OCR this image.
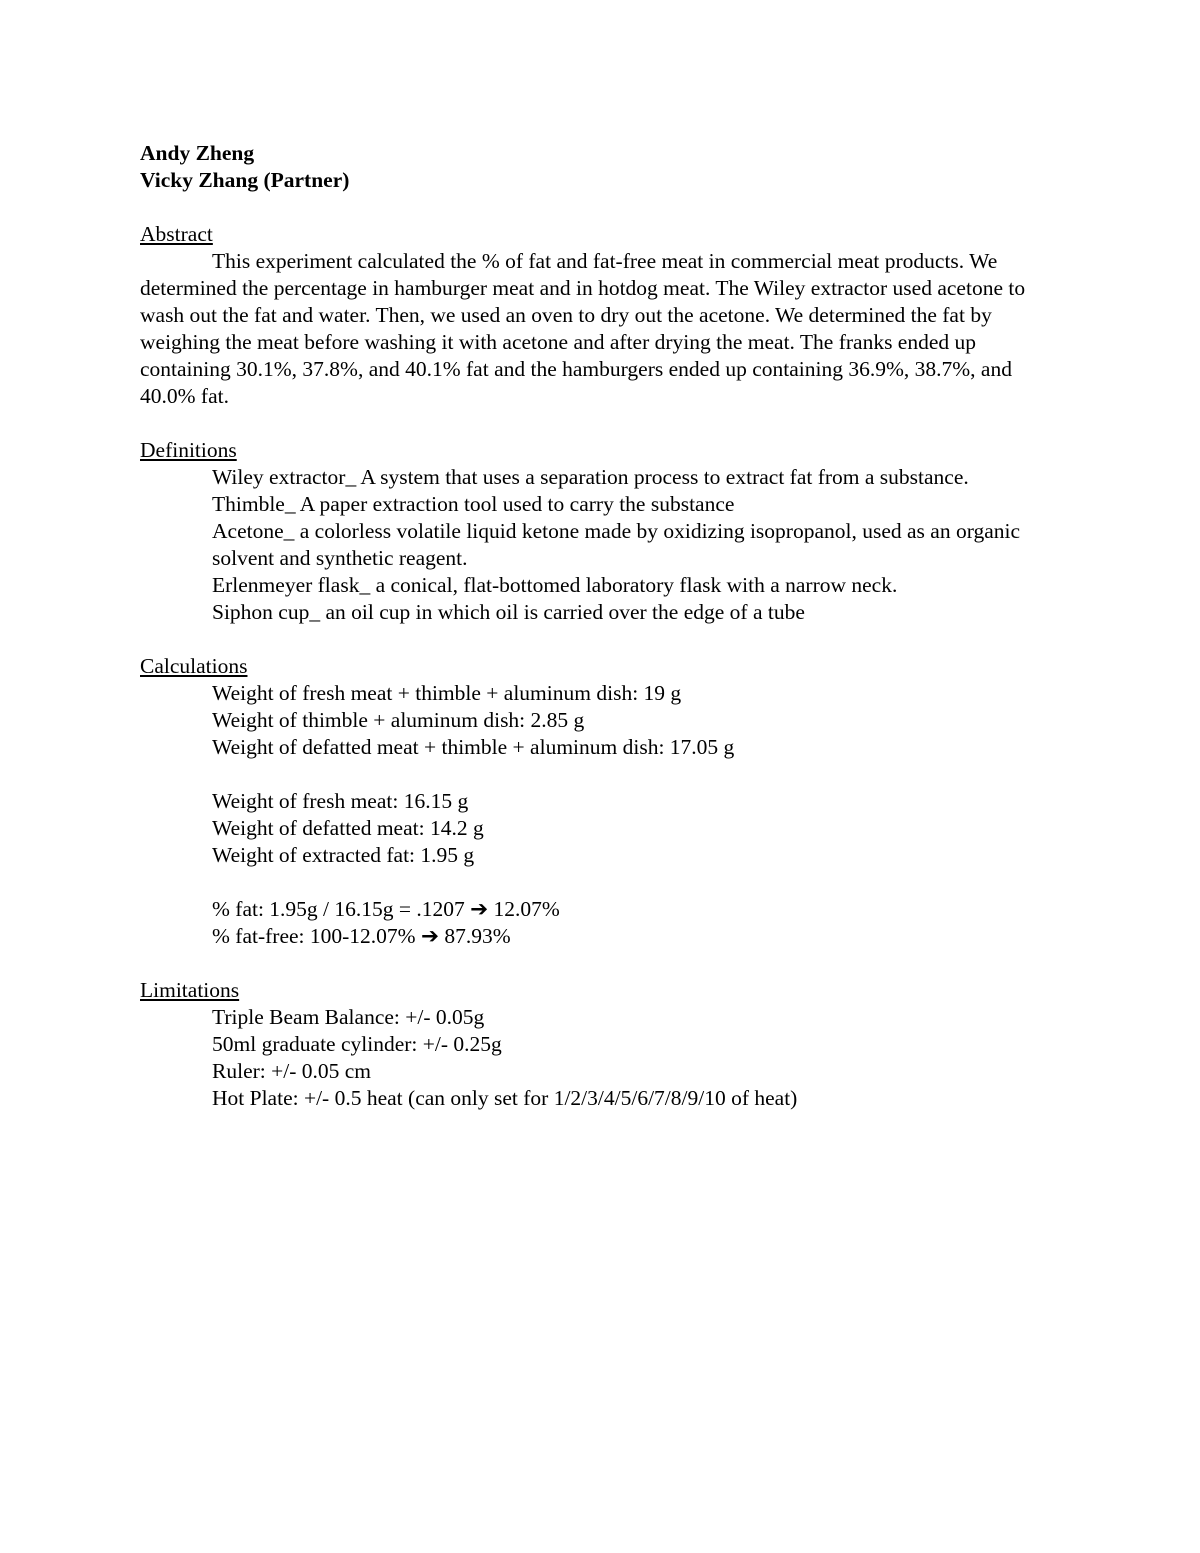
Andy Zheng
Vicky Zhang (Partner)
Abstract
This experiment calculated the % of fat and fat-free meat in commercial meat products. We determined the percentage in hamburger meat and in hotdog meat. The Wiley extractor used acetone to wash out the fat and water. Then, we used an oven to dry out the acetone. We determined the fat by weighing the meat before washing it with acetone and after drying the meat. The franks ended up containing 30.1%, 37.8%, and 40.1% fat and the hamburgers ended up containing 36.9%, 38.7%, and 40.0% fat.
Definitions
Wiley extractor_ A system that uses a separation process to extract fat from a substance.
Thimble_ A paper extraction tool used to carry the substance
Acetone_ a colorless volatile liquid ketone made by oxidizing isopropanol, used as an organic solvent and synthetic reagent.
Erlenmeyer flask_ a conical, flat-bottomed laboratory flask with a narrow neck.
Siphon cup_ an oil cup in which oil is carried over the edge of a tube
Calculations
Weight of fresh meat + thimble + aluminum dish: 19 g
Weight of thimble + aluminum dish: 2.85 g
Weight of defatted meat + thimble + aluminum dish: 17.05 g
Weight of fresh meat: 16.15 g
Weight of defatted meat: 14.2 g
Weight of extracted fat: 1.95 g
% fat: 1.95g / 16.15g = .1207 ➔ 12.07%
% fat-free: 100-12.07% ➔ 87.93%
Limitations
Triple Beam Balance: +/- 0.05g
50ml graduate cylinder: +/- 0.25g
Ruler: +/- 0.05 cm
Hot Plate: +/- 0.5 heat (can only set for 1/2/3/4/5/6/7/8/9/10 of heat)
